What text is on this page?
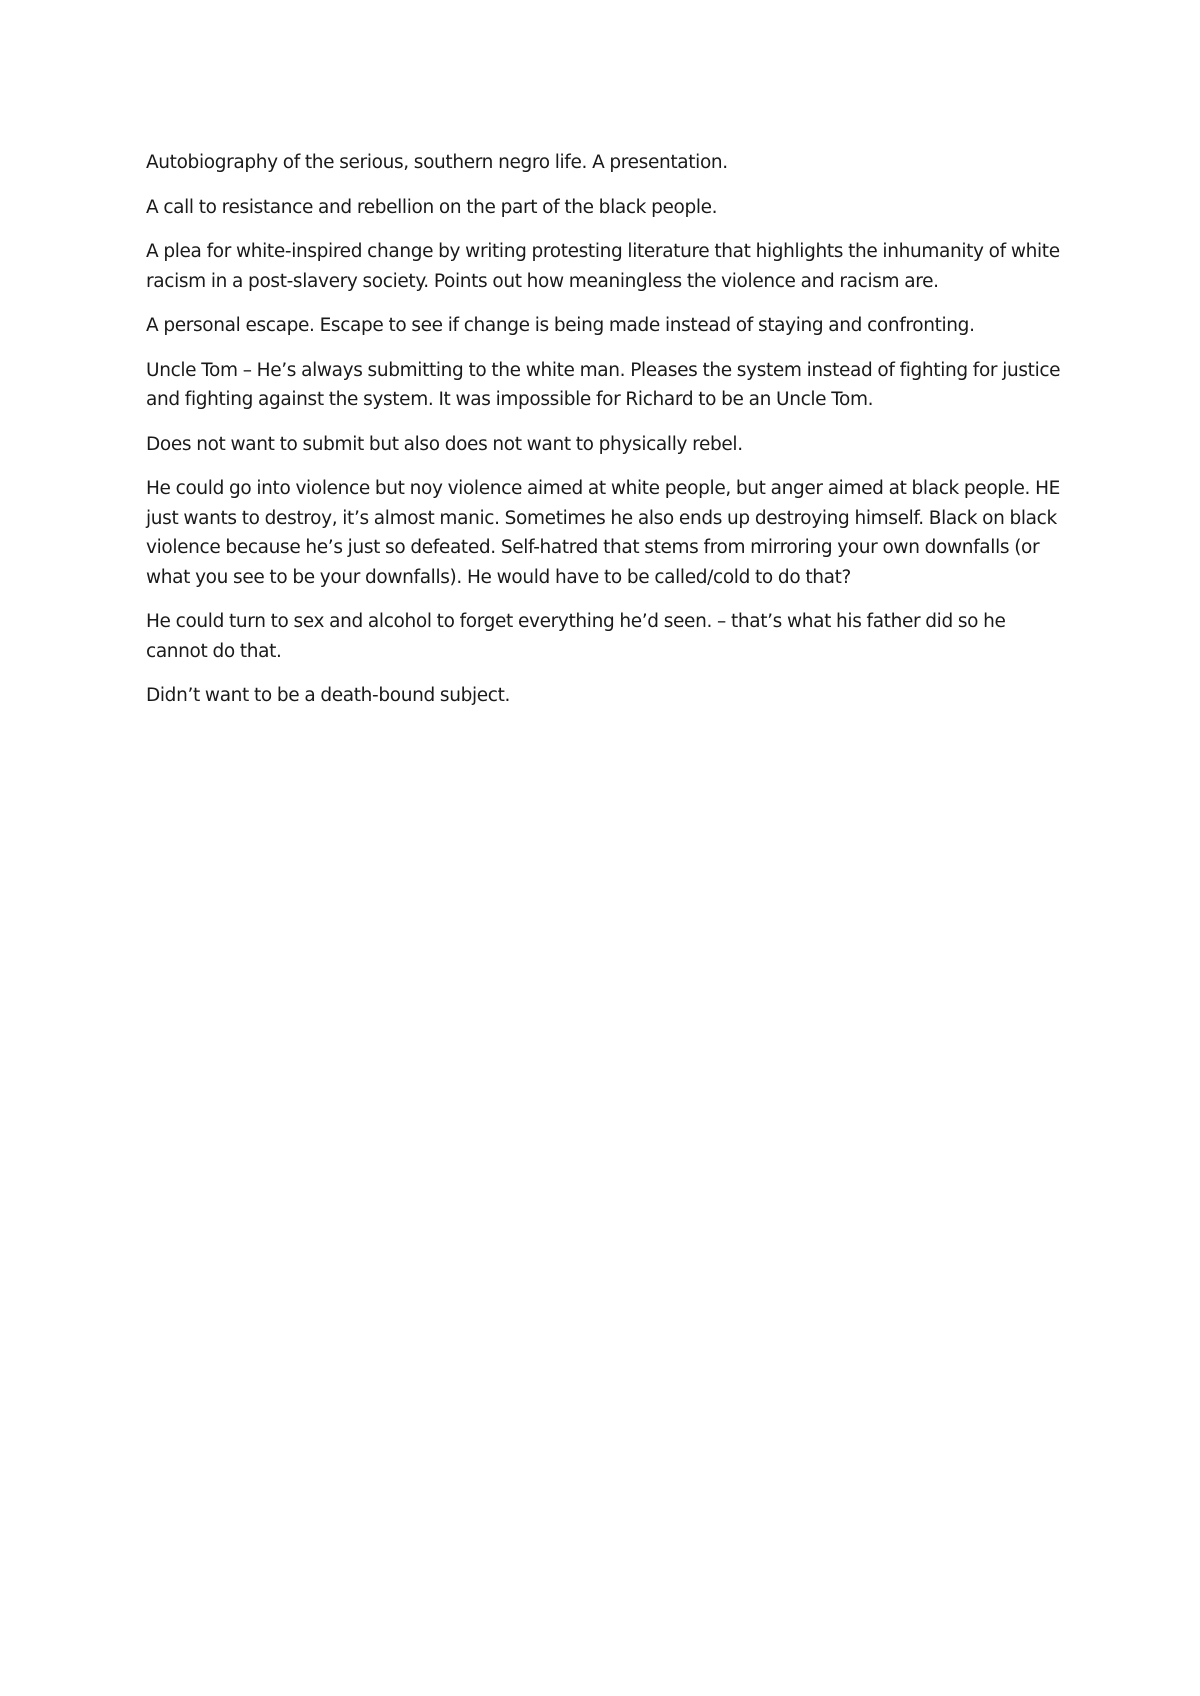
Autobiography of the serious, southern negro life. A presentation.

A call to resistance and rebellion on the part of the black people.

A plea for white-inspired change by writing protesting literature that highlights the inhumanity of white racism in a post-slavery society. Points out how meaningless the violence and racism are.

A personal escape. Escape to see if change is being made instead of staying and confronting.

Uncle Tom – He’s always submitting to the white man. Pleases the system instead of fighting for justice and fighting against the system. It was impossible for Richard to be an Uncle Tom.

Does not want to submit but also does not want to physically rebel.

He could go into violence but noy violence aimed at white people, but anger aimed at black people. HE just wants to destroy, it’s almost manic. Sometimes he also ends up destroying himself. Black on black violence because he’s just so defeated. Self-hatred that stems from mirroring your own downfalls (or what you see to be your downfalls). He would have to be called/cold to do that?

He could turn to sex and alcohol to forget everything he’d seen. – that’s what his father did so he cannot do that.

Didn’t want to be a death-bound subject.
